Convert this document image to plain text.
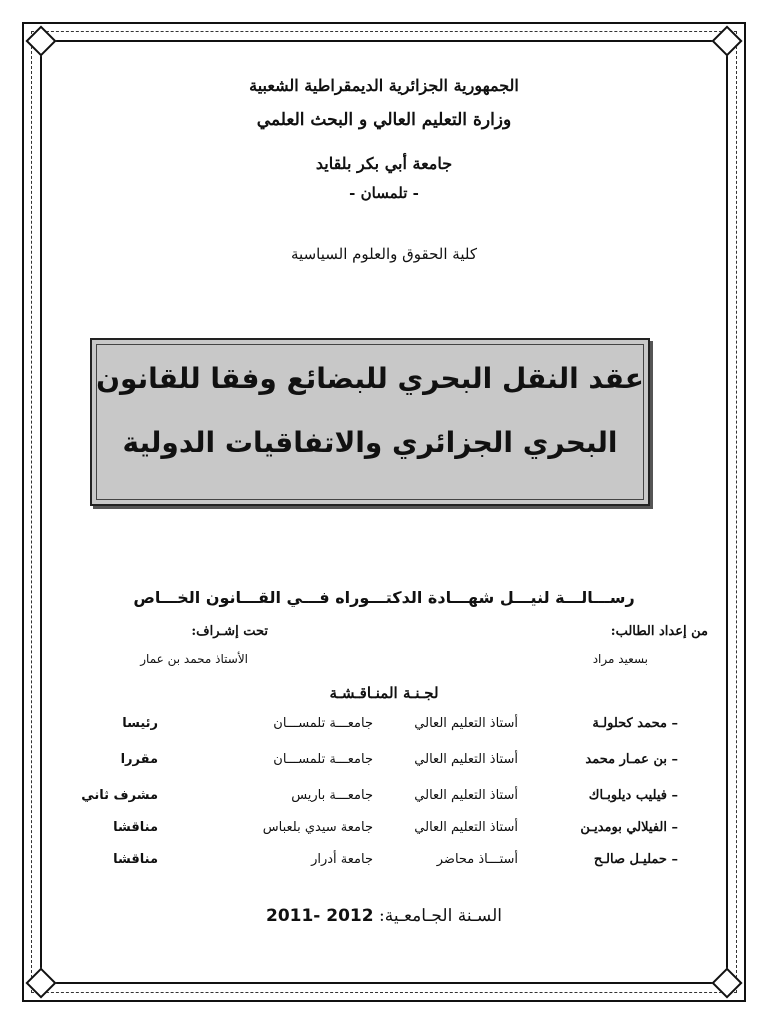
الجمهورية الجزائرية الديمقراطية الشعبية
وزارة التعليم العالي و البحث العلمي
جامعة أبي بكر بلقايد
- تلمسان -
كلية الحقوق والعلوم السياسية
عقد النقل البحري للبضائع وفقا للقانون
البحري الجزائري والاتفاقيات الدولية
رســـالـــة لنيـــل شهـــادة الدكتـــوراه فـــي القـــانون الخـــاص
من إعداد الطالب:
بسعيد مراد
تحت إشـراف:
الأستاذ محمد بن عمار
لجـنـة المنـاقـشـة
– محمد كحلولـة
أستاذ التعليم العالي
جامعـــة تلمســـان
رئيسا
– بن عمـار محمد
أستاذ التعليم العالي
جامعـــة تلمســـان
مقررا
– فيليب ديلوبـاك
أستاذ التعليم العالي
جامعـــة باريس
مشرف ثاني
– الفيلالي بومديـن
أستاذ التعليم العالي
جامعة سيدي بلعباس
مناقشا
– حمليـل صالـح
أستـــاذ محاضر
جامعة أدرار
مناقشا
السـنة الجـامعـية: 2011- 2012
